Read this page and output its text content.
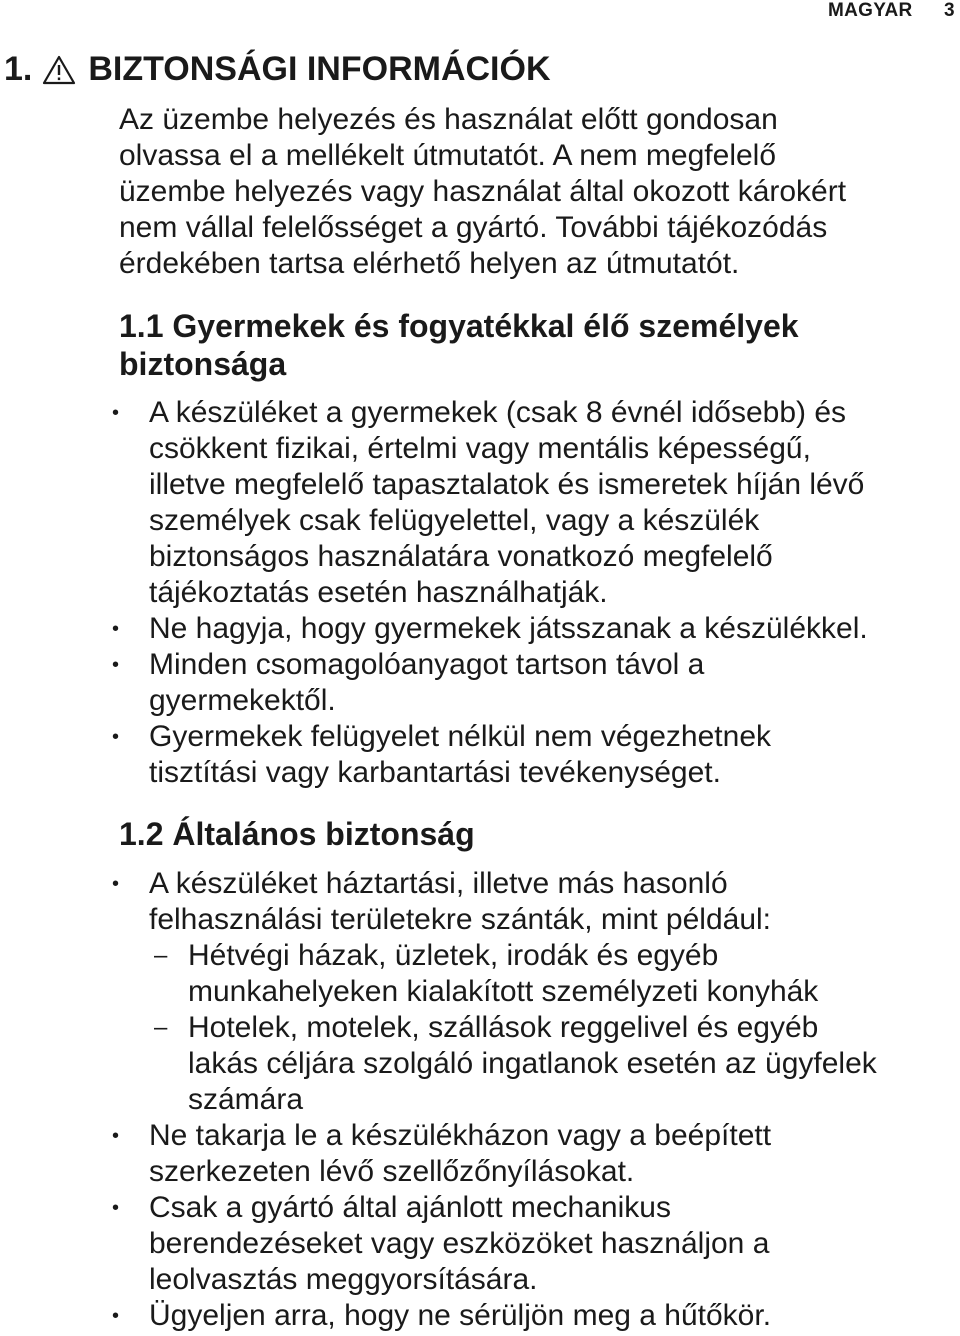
MAGYAR 3
1. BIZTONSÁGI INFORMÁCIÓK
Az üzembe helyezés és használat előtt gondosan
olvassa el a mellékelt útmutatót. A nem megfelelő
üzembe helyezés vagy használat által okozott károkért
nem vállal felelősséget a gyártó. További tájékozódás
érdekében tartsa elérhető helyen az útmutatót.
1.1 Gyermekek és fogyatékkal élő személyek
biztonsága
• A készüléket a gyermekek (csak 8 évnél idősebb) és
csökkent fizikai, értelmi vagy mentális képességű,
illetve megfelelő tapasztalatok és ismeretek híján lévő
személyek csak felügyelettel, vagy a készülék
biztonságos használatára vonatkozó megfelelő
tájékoztatás esetén használhatják.
• Ne hagyja, hogy gyermekek játsszanak a készülékkel.
• Minden csomagolóanyagot tartson távol a
gyermekektől.
• Gyermekek felügyelet nélkül nem végezhetnek
tisztítási vagy karbantartási tevékenységet.
1.2 Általános biztonság
• A készüléket háztartási, illetve más hasonló
felhasználási területekre szánták, mint például:
– Hétvégi házak, üzletek, irodák és egyéb
munkahelyeken kialakított személyzeti konyhák
– Hotelek, motelek, szállások reggelivel és egyéb
lakás céljára szolgáló ingatlanok esetén az ügyfelek
számára
• Ne takarja le a készülékházon vagy a beépített
szerkezeten lévő szellőzőnyílásokat.
• Csak a gyártó által ajánlott mechanikus
berendezéseket vagy eszközöket használjon a
leolvasztás meggyorsítására.
• Ügyeljen arra, hogy ne sérüljön meg a hűtőkör.
